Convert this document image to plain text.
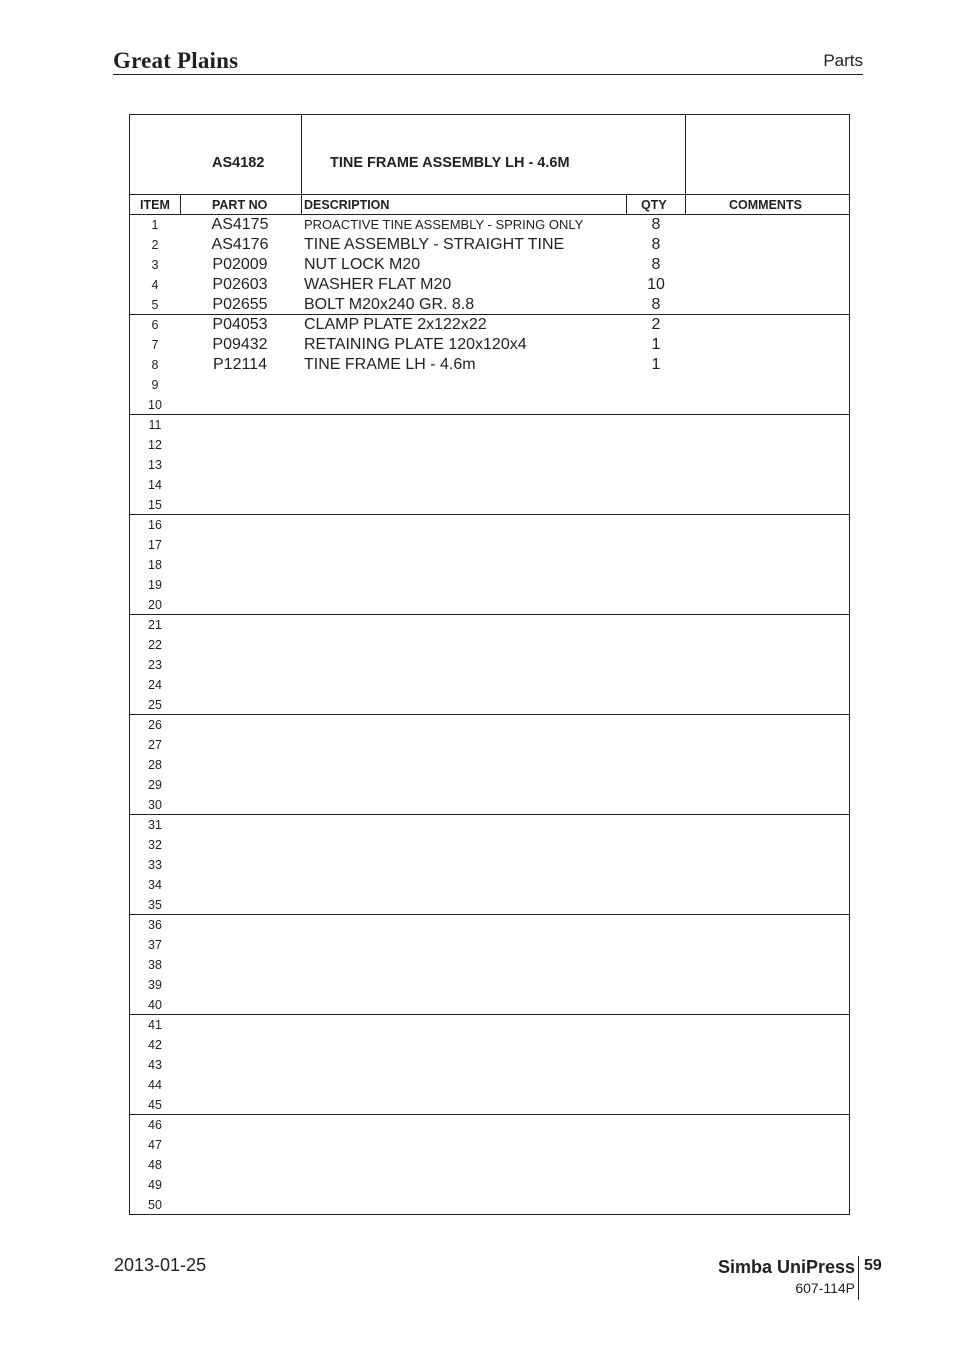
Great Plains	Parts
AS4182	TINE FRAME ASSEMBLY LH - 4.6M
ITEM	PART NO	DESCRIPTION	QTY	COMMENTS
1	AS4175	PROACTIVE TINE ASSEMBLY - SPRING ONLY	8
2	AS4176	TINE ASSEMBLY - STRAIGHT TINE	8
3	P02009	NUT LOCK M20	8
4	P02603	WASHER FLAT M20	10
5	P02655	BOLT M20x240 GR. 8.8	8
6	P04053	CLAMP PLATE 2x122x22	2
7	P09432	RETAINING PLATE 120x120x4	1
8	P12114	TINE FRAME LH - 4.6m	1
9
10
11
12
13
14
15
16
17
18
19
20
21
22
23
24
25
26
27
28
29
30
31
32
33
34
35
36
37
38
39
40
41
42
43
44
45
46
47
48
49
50
2013-01-25	Simba UniPress 59
607-114P
